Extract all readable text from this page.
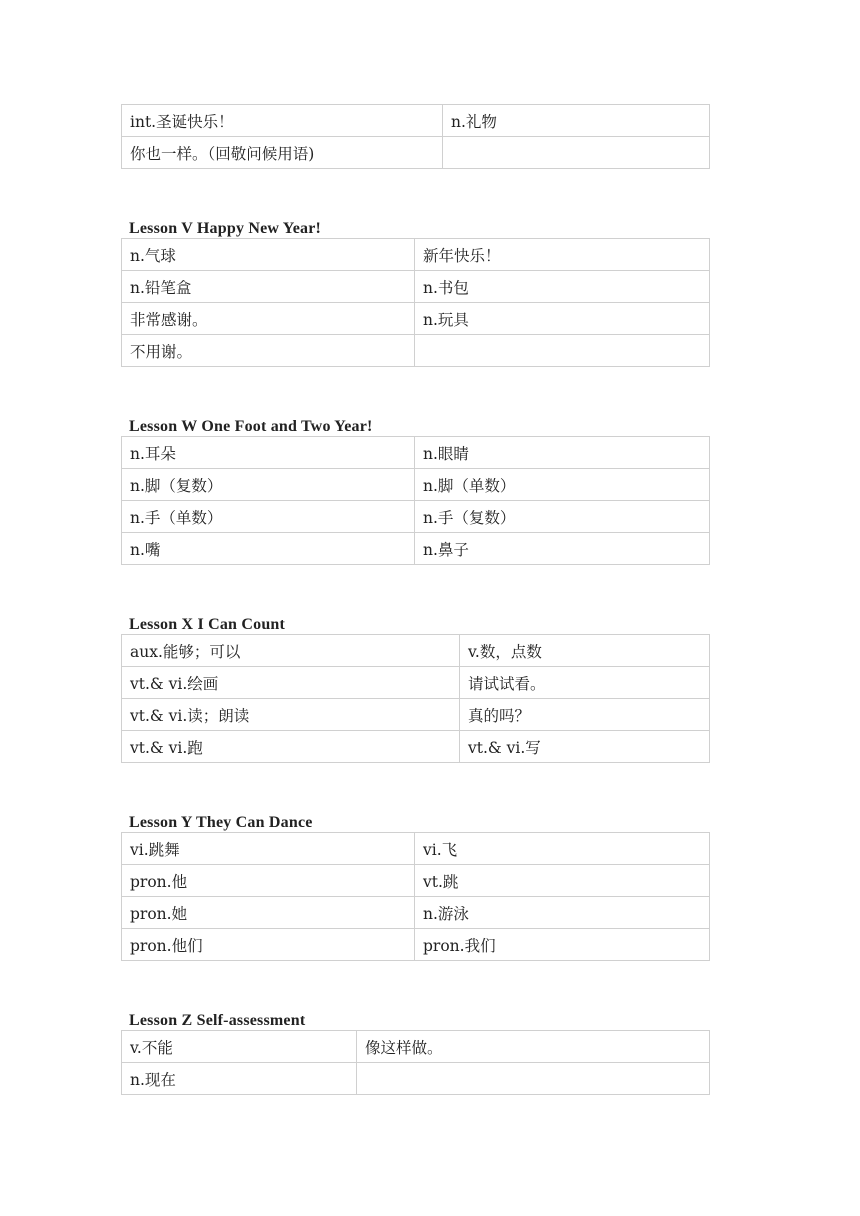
int.圣诞快乐！	n.礼物
你也一样。（回敬问候用语)	
Lesson V Happy New Year!
n.气球	新年快乐！
n.铅笔盒	n.书包
非常感谢。	n.玩具
不用谢。	
Lesson W One Foot and Two Year!
n.耳朵	n.眼睛
n.脚（复数）	n.脚（单数）
n.手（单数）	n.手（复数）
n.嘴	n.鼻子
Lesson X I Can Count
aux.能够；可以	v.数，点数
vt.& vi.绘画	请试试看。
vt.& vi.读；朗读	真的吗？
vt.& vi.跑	vt.& vi.写
Lesson Y They Can Dance
vi.跳舞	vi.飞
pron.他	vt.跳
pron.她	n.游泳
pron.他们	pron.我们
Lesson Z Self-assessment
v.不能	像这样做。
n.现在	
